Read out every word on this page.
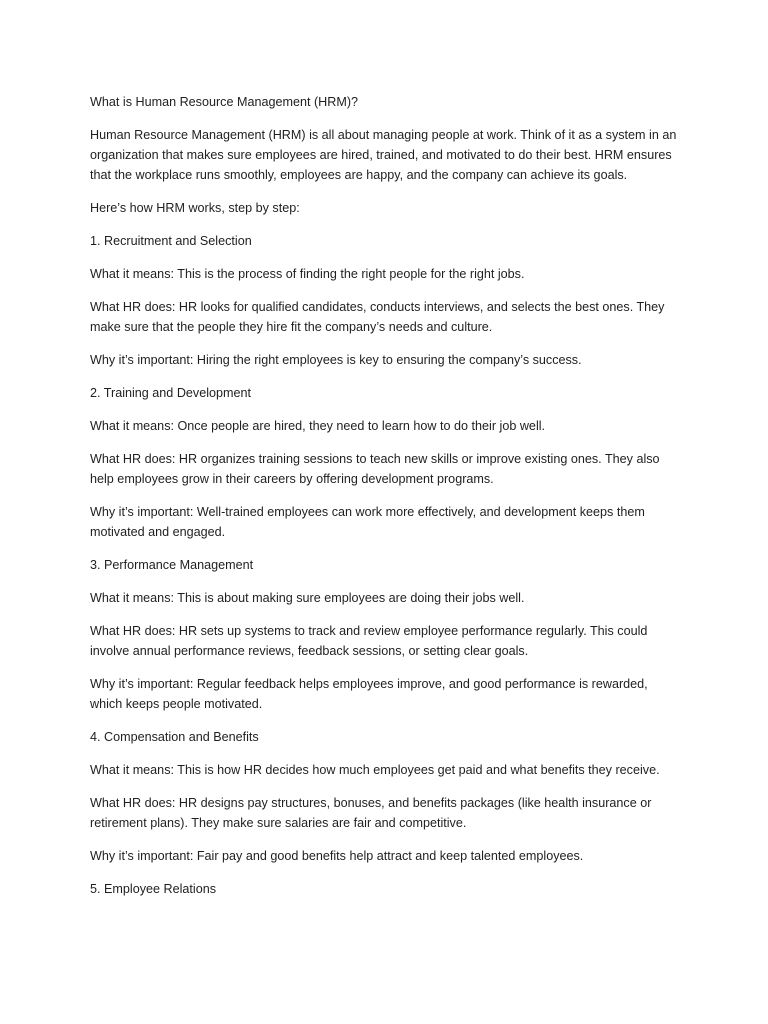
What is Human Resource Management (HRM)?

Human Resource Management (HRM) is all about managing people at work. Think of it as a system in an organization that makes sure employees are hired, trained, and motivated to do their best. HRM ensures that the workplace runs smoothly, employees are happy, and the company can achieve its goals.

Here’s how HRM works, step by step:

1. Recruitment and Selection

What it means: This is the process of finding the right people for the right jobs.

What HR does: HR looks for qualified candidates, conducts interviews, and selects the best ones. They make sure that the people they hire fit the company’s needs and culture.

Why it’s important: Hiring the right employees is key to ensuring the company’s success.

2. Training and Development

What it means: Once people are hired, they need to learn how to do their job well.

What HR does: HR organizes training sessions to teach new skills or improve existing ones. They also help employees grow in their careers by offering development programs.

Why it’s important: Well-trained employees can work more effectively, and development keeps them motivated and engaged.

3. Performance Management

What it means: This is about making sure employees are doing their jobs well.

What HR does: HR sets up systems to track and review employee performance regularly. This could involve annual performance reviews, feedback sessions, or setting clear goals.

Why it’s important: Regular feedback helps employees improve, and good performance is rewarded, which keeps people motivated.

4. Compensation and Benefits

What it means: This is how HR decides how much employees get paid and what benefits they receive.

What HR does: HR designs pay structures, bonuses, and benefits packages (like health insurance or retirement plans). They make sure salaries are fair and competitive.

Why it’s important: Fair pay and good benefits help attract and keep talented employees.

5. Employee Relations
